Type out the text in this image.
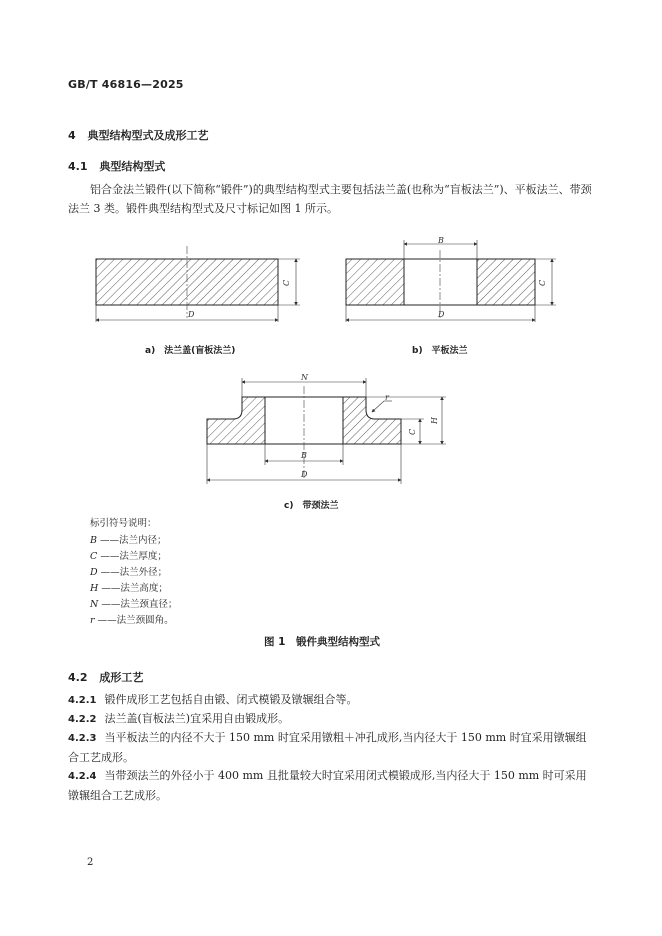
GB/T 46816—2025
4 典型结构型式及成形工艺
4.1 典型结构型式
铝合金法兰锻件(以下简称“锻件”)的典型结构型式主要包括法兰盖(也称为“盲板法兰”)、平板法兰、带颈法兰 3 类。锻件典型结构型式及尺寸标记如图 1 所示。
D
C
B
D
C
N
B
D
C
H
r
a)　法兰盖(盲板法兰)	b)　平板法兰
c)　带颈法兰
标引符号说明：
B ——法兰内径；
C ——法兰厚度；
D ——法兰外径；
H ——法兰高度；
N ——法兰颈直径；
r ——法兰颈圆角。
图 1　锻件典型结构型式
4.2 成形工艺
4.2.1 锻件成形工艺包括自由锻、闭式模锻及镦辗组合等。
4.2.2 法兰盖(盲板法兰)宜采用自由锻成形。
4.2.3 当平板法兰的内径不大于 150 mm 时宜采用镦粗＋冲孔成形,当内径大于 150 mm 时宜采用镦辗组合工艺成形。
4.2.4 当带颈法兰的外径小于 400 mm 且批量较大时宜采用闭式模锻成形,当内径大于 150 mm 时可采用镦辗组合工艺成形。
2
